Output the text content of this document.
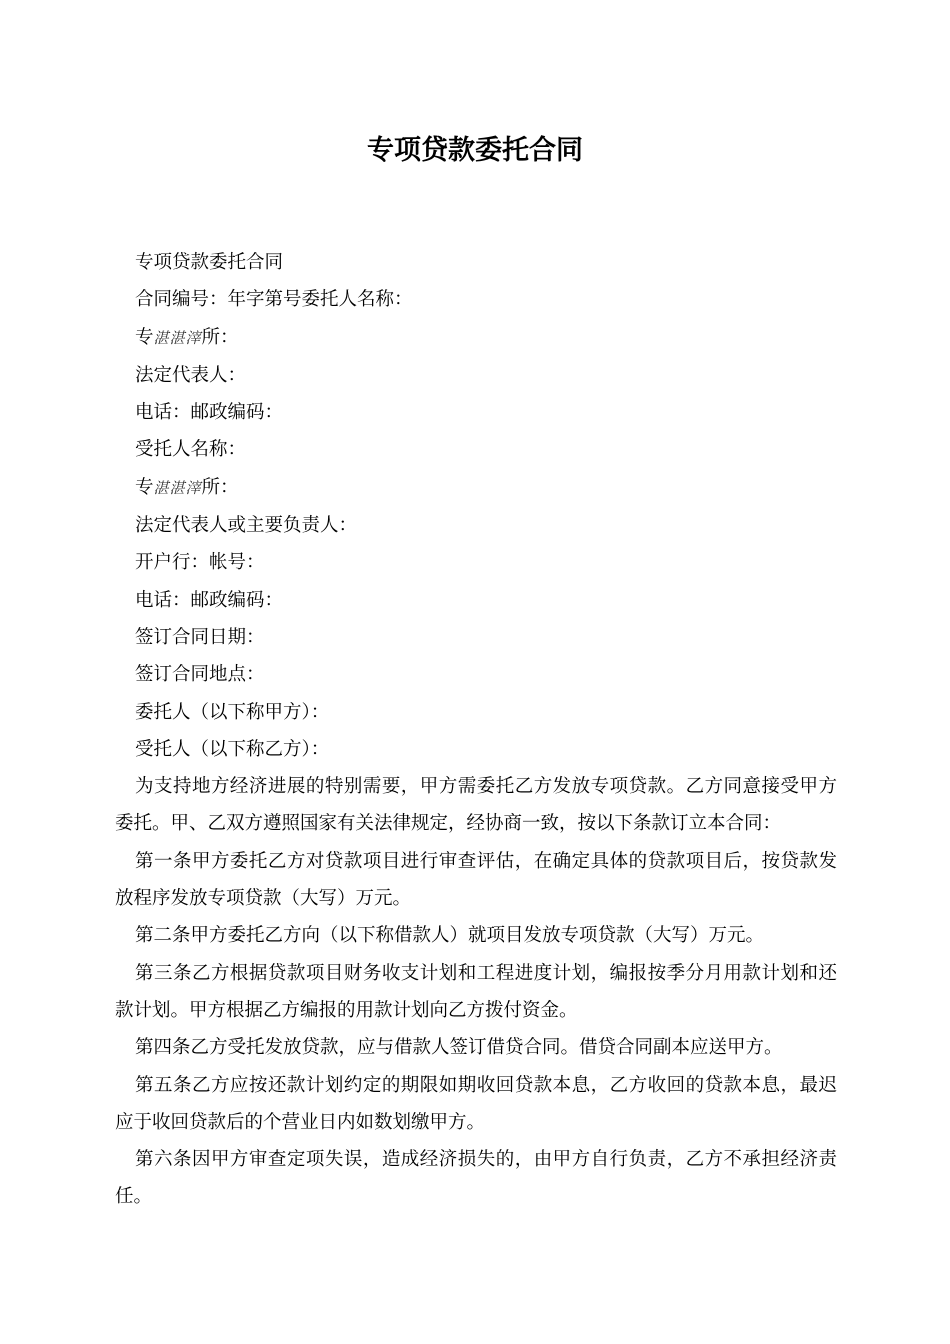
专项贷款委托合同

专项贷款委托合同

合同编号：年字第号委托人名称：

专湛湛滓所：

法定代表人：

电话：邮政编码：

受托人名称：

专湛湛滓所：

法定代表人或主要负责人：

开户行：帐号：

电话：邮政编码：

签订合同日期：

签订合同地点：

委托人（以下称甲方）：

受托人（以下称乙方）：

为支持地方经济进展的特别需要，甲方需委托乙方发放专项贷款。乙方同意接受甲方委托。甲、乙双方遵照国家有关法律规定，经协商一致，按以下条款订立本合同：

第一条甲方委托乙方对贷款项目进行审查评估，在确定具体的贷款项目后，按贷款发放程序发放专项贷款（大写）万元。

第二条甲方委托乙方向（以下称借款人）就项目发放专项贷款（大写）万元。

第三条乙方根据贷款项目财务收支计划和工程进度计划，编报按季分月用款计划和还款计划。甲方根据乙方编报的用款计划向乙方拨付资金。

第四条乙方受托发放贷款，应与借款人签订借贷合同。借贷合同副本应送甲方。

第五条乙方应按还款计划约定的期限如期收回贷款本息，乙方收回的贷款本息，最迟应于收回贷款后的个营业日内如数划缴甲方。

第六条因甲方审查定项失误，造成经济损失的，由甲方自行负责，乙方不承担经济责任。
